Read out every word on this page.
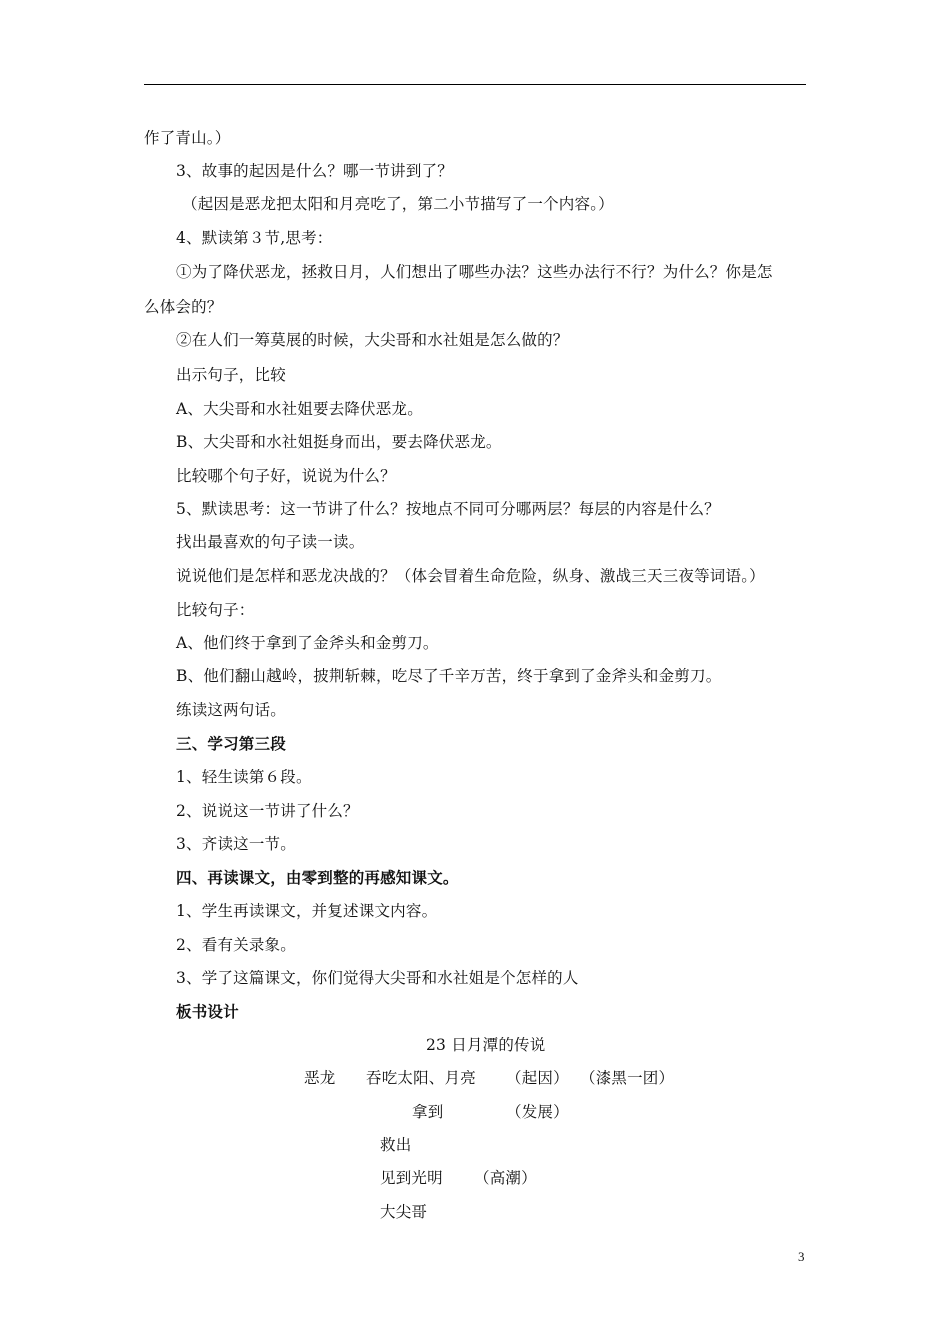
作了青山。）
3、故事的起因是什么？哪一节讲到了？
（起因是恶龙把太阳和月亮吃了，第二小节描写了一个内容。）
4、默读第３节,思考：
①为了降伏恶龙，拯救日月，人们想出了哪些办法？这些办法行不行？为什么？你是怎
么体会的？
②在人们一筹莫展的时候，大尖哥和水社姐是怎么做的？
出示句子，比较
A、大尖哥和水社姐要去降伏恶龙。
B、大尖哥和水社姐挺身而出，要去降伏恶龙。
比较哪个句子好，说说为什么？
5、默读思考：这一节讲了什么？按地点不同可分哪两层？每层的内容是什么？
找出最喜欢的句子读一读。
说说他们是怎样和恶龙决战的？（体会冒着生命危险，纵身、激战三天三夜等词语。）
比较句子：
A、他们终于拿到了金斧头和金剪刀。
B、他们翻山越岭，披荆斩棘，吃尽了千辛万苦，终于拿到了金斧头和金剪刀。
练读这两句话。
三、学习第三段
1、轻生读第６段。
2、说说这一节讲了什么？
3、齐读这一节。
四、再读课文，由零到整的再感知课文。
1、学生再读课文，并复述课文内容。
2、看有关录象。
3、学了这篇课文，你们觉得大尖哥和水社姐是个怎样的人
板书设计
23 日月潭的传说
恶龙 吞吃太阳、月亮 （起因） （漆黑一团）
拿到	（发展）
救出
见到光明 （高潮）
大尖哥
3
